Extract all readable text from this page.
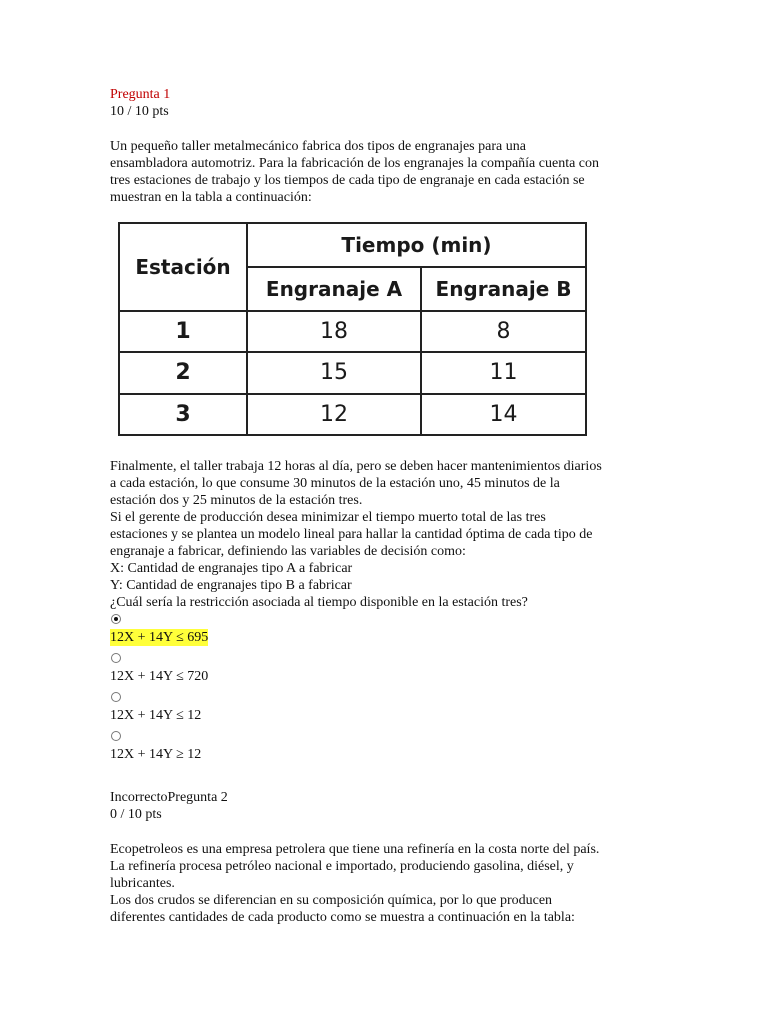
Pregunta 1
10 / 10 pts
Un pequeño taller metalmecánico fabrica dos tipos de engranajes para una
ensambladora automotriz. Para la fabricación de los engranajes la compañía cuenta con
tres estaciones de trabajo y los tiempos de cada tipo de engranaje en cada estación se
muestran en la tabla a continuación:
Estación	Tiempo (min)	
	Engranaje A	Engranaje B
1	18	8
2	15	11
3	12	14
Finalmente, el taller trabaja 12 horas al día, pero se deben hacer mantenimientos diarios
a cada estación, lo que consume 30 minutos de la estación uno, 45 minutos de la
estación dos y 25 minutos de la estación tres.
Si el gerente de producción desea minimizar el tiempo muerto total de las tres
estaciones y se plantea un modelo lineal para hallar la cantidad óptima de cada tipo de
engranaje a fabricar, definiendo las variables de decisión como:
X: Cantidad de engranajes tipo A a fabricar
Y: Cantidad de engranajes tipo B a fabricar
¿Cuál sería la restricción asociada al tiempo disponible en la estación tres?
12X + 14Y ≤ 695
12X + 14Y ≤ 720
12X + 14Y ≤ 12
12X + 14Y ≥ 12
IncorrectoPregunta 2
0 / 10 pts
Ecopetroleos es una empresa petrolera que tiene una refinería en la costa norte del país.
La refinería procesa petróleo nacional e importado, produciendo gasolina, diésel, y
lubricantes.
Los dos crudos se diferencian en su composición química, por lo que producen
diferentes cantidades de cada producto como se muestra a continuación en la tabla:
